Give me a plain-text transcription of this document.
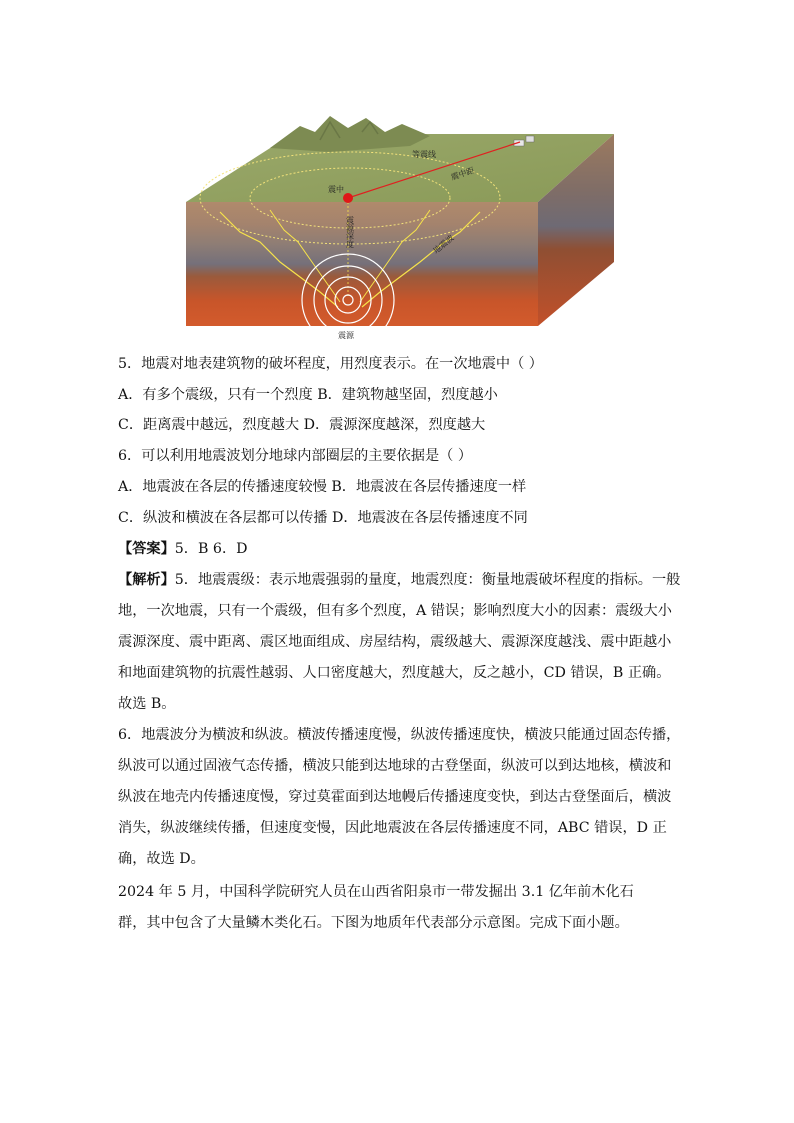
等震线
震中
震中距
震源深度	地震波
震源
5．地震对地表建筑物的破坏程度，用烈度表示。在一次地震中（ ）
A．有多个震级，只有一个烈度 B．建筑物越坚固，烈度越小
C．距离震中越远，烈度越大 D．震源深度越深，烈度越大
6．可以利用地震波划分地球内部圈层的主要依据是（ ）
A．地震波在各层的传播速度较慢 B．地震波在各层传播速度一样
C．纵波和横波在各层都可以传播 D．地震波在各层传播速度不同
【答案】5．B 6．D
【解析】5．地震震级：表示地震强弱的量度，地震烈度：衡量地震破坏程度的指标。一般
地，一次地震，只有一个震级，但有多个烈度，A 错误；影响烈度大小的因素：震级大小
震源深度、震中距离、震区地面组成、房屋结构，震级越大、震源深度越浅、震中距越小
和地面建筑物的抗震性越弱、人口密度越大，烈度越大，反之越小，CD 错误，B 正确。
故选 B。
6．地震波分为横波和纵波。横波传播速度慢，纵波传播速度快，横波只能通过固态传播，
纵波可以通过固液气态传播，横波只能到达地球的古登堡面，纵波可以到达地核，横波和
纵波在地壳内传播速度慢，穿过莫霍面到达地幔后传播速度变快，到达古登堡面后，横波
消失，纵波继续传播，但速度变慢，因此地震波在各层传播速度不同，ABC 错误，D 正
确，故选 D。
2024 年 5 月，中国科学院研究人员在山西省阳泉市一带发掘出 3.1 亿年前木化石
群，其中包含了大量鳞木类化石。下图为地质年代表部分示意图。完成下面小题。
